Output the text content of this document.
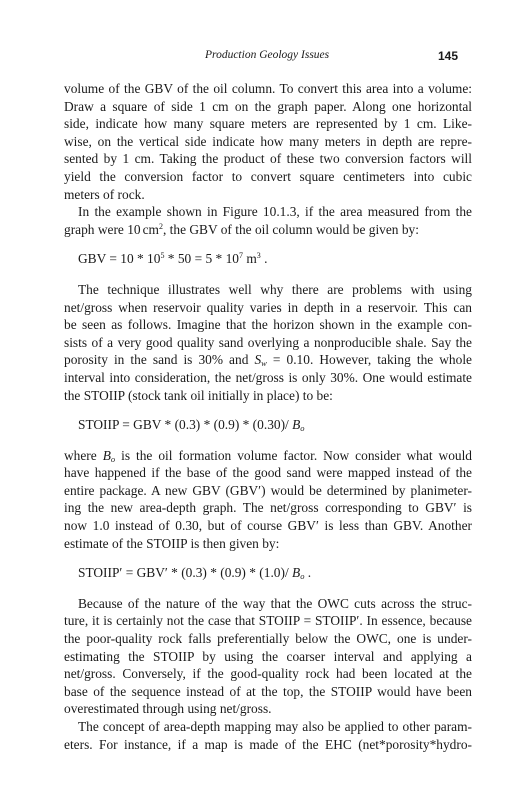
Production Geology Issues	145
volume of the GBV of the oil column. To convert this area into a volume:
Draw a square of side 1 cm on the graph paper. Along one horizontal
side, indicate how many square meters are represented by 1 cm. Like-
wise, on the vertical side indicate how many meters in depth are repre-
sented by 1 cm. Taking the product of these two conversion factors will
yield the conversion factor to convert square centimeters into cubic
meters of rock.
In the example shown in Figure 10.1.3, if the area measured from the
graph were 10 $cm^2$, the GBV of the oil column would be given by:
GBV = $10 * 10^5 * 50 = 5 * 10^7$ $m^3$ .
The technique illustrates well why there are problems with using
net/gross when reservoir quality varies in depth in a reservoir. This can
be seen as follows. Imagine that the horizon shown in the example con-
sists of a very good quality sand overlying a nonproducible shale. Say the
porosity in the sand is 30% and $S_w = 0.10$. However, taking the whole
interval into consideration, the net/gross is only 30%. One would estimate
the STOIIP (stock tank oil initially in place) to be:
STOIIP = GBV * (0.3) * (0.9) * (0.30)/ $B_o$
where $B_o$ is the oil formation volume factor. Now consider what would
have happened if the base of the good sand were mapped instead of the
entire package. A new GBV (GBV′) would be determined by planimeter-
ing the new area-depth graph. The net/gross corresponding to GBV′ is
now 1.0 instead of 0.30, but of course GBV′ is less than GBV. Another
estimate of the STOIIP is then given by:
STOIIP′ = GBV′ * (0.3) * (0.9) * (1.0)/ $B_o$ .
Because of the nature of the way that the OWC cuts across the struc-
ture, it is certainly not the case that STOIIP = STOIIP′. In essence, because
the poor-quality rock falls preferentially below the OWC, one is under-
estimating the STOIIP by using the coarser interval and applying a
net/gross. Conversely, if the good-quality rock had been located at the
base of the sequence instead of at the top, the STOIIP would have been
overestimated through using net/gross.
The concept of area-depth mapping may also be applied to other param-
eters. For instance, if a map is made of the EHC (net*porosity*hydro-
